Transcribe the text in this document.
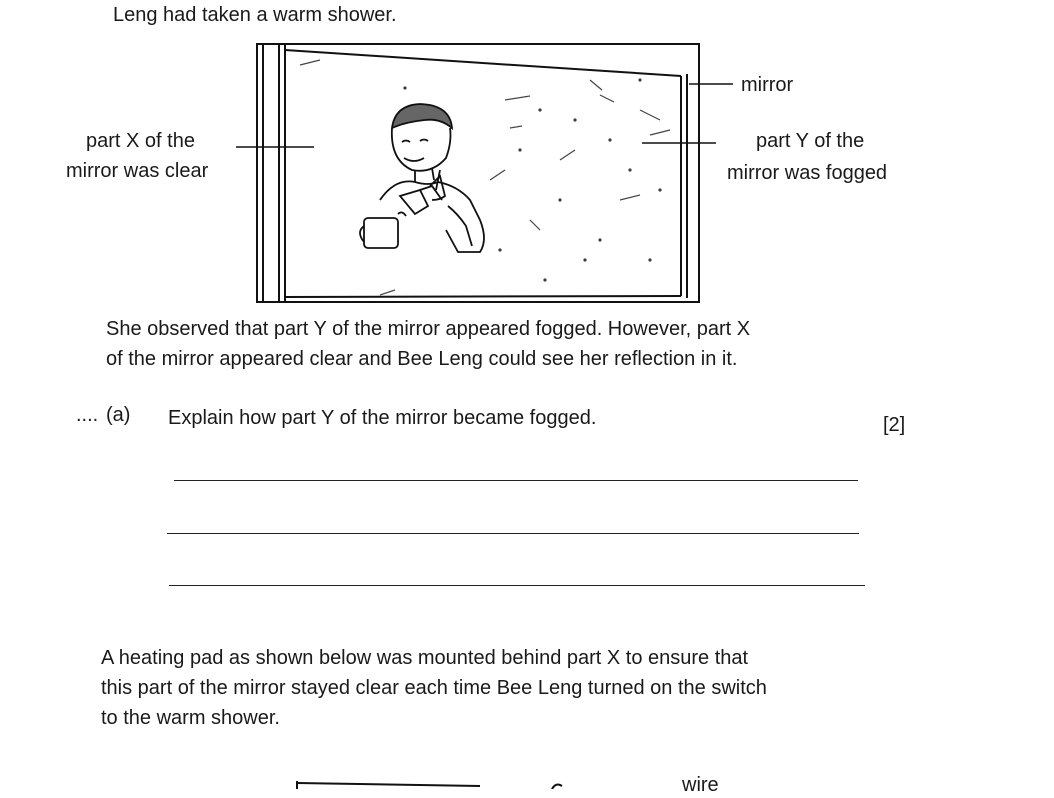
Leng had taken a warm shower.
mirror
part X of the
mirror was clear
part Y of the
mirror was fogged
She observed that part Y of the mirror appeared fogged. However, part X
of the mirror appeared clear and Bee Leng could see her reflection in it.
.... (a) Explain how part Y of the mirror became fogged.	[2]
A heating pad as shown below was mounted behind part X to ensure that
this part of the mirror stayed clear each time Bee Leng turned on the switch
to the warm shower.
wire
